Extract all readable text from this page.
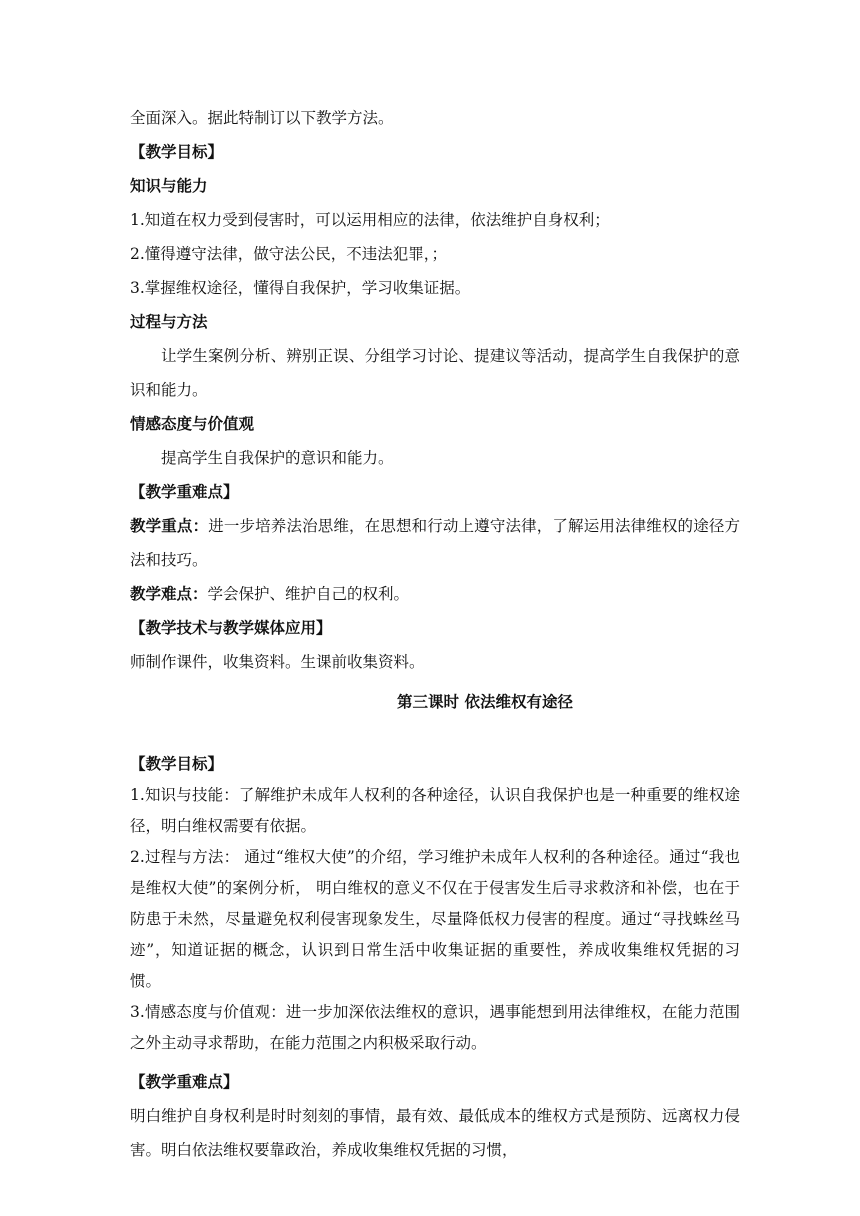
全面深入。据此特制订以下教学方法。
【教学目标】
知识与能力
1.知道在权力受到侵害时，可以运用相应的法律，依法维护自身权利；
2.懂得遵守法律，做守法公民，不违法犯罪，；
3.掌握维权途径，懂得自我保护，学习收集证据。
过程与方法
让学生案例分析、辨别正误、分组学习讨论、提建议等活动，提高学生自我保护的意识和能力。
情感态度与价值观
提高学生自我保护的意识和能力。
【教学重难点】
教学重点：进一步培养法治思维，在思想和行动上遵守法律，了解运用法律维权的途径方法和技巧。
教学难点：学会保护、维护自己的权利。
【教学技术与教学媒体应用】
师制作课件，收集资料。生课前收集资料。
第三课时 依法维权有途径
【教学目标】
1.知识与技能：了解维护未成年人权利的各种途径，认识自我保护也是一种重要的维权途径，明白维权需要有依据。
2.过程与方法： 通过“维权大使”的介绍，学习维护未成年人权利的各种途径。通过“我也是维权大使”的案例分析， 明白维权的意义不仅在于侵害发生后寻求救济和补偿，也在于防患于未然，尽量避免权利侵害现象发生，尽量降低权力侵害的程度。通过“寻找蛛丝马迹”，知道证据的概念，认识到日常生活中收集证据的重要性，养成收集维权凭据的习惯。
3.情感态度与价值观：进一步加深依法维权的意识，遇事能想到用法律维权，在能力范围之外主动寻求帮助，在能力范围之内积极采取行动。
【教学重难点】
明白维护自身权利是时时刻刻的事情，最有效、最低成本的维权方式是预防、远离权力侵害。明白依法维权要靠政治，养成收集维权凭据的习惯，
